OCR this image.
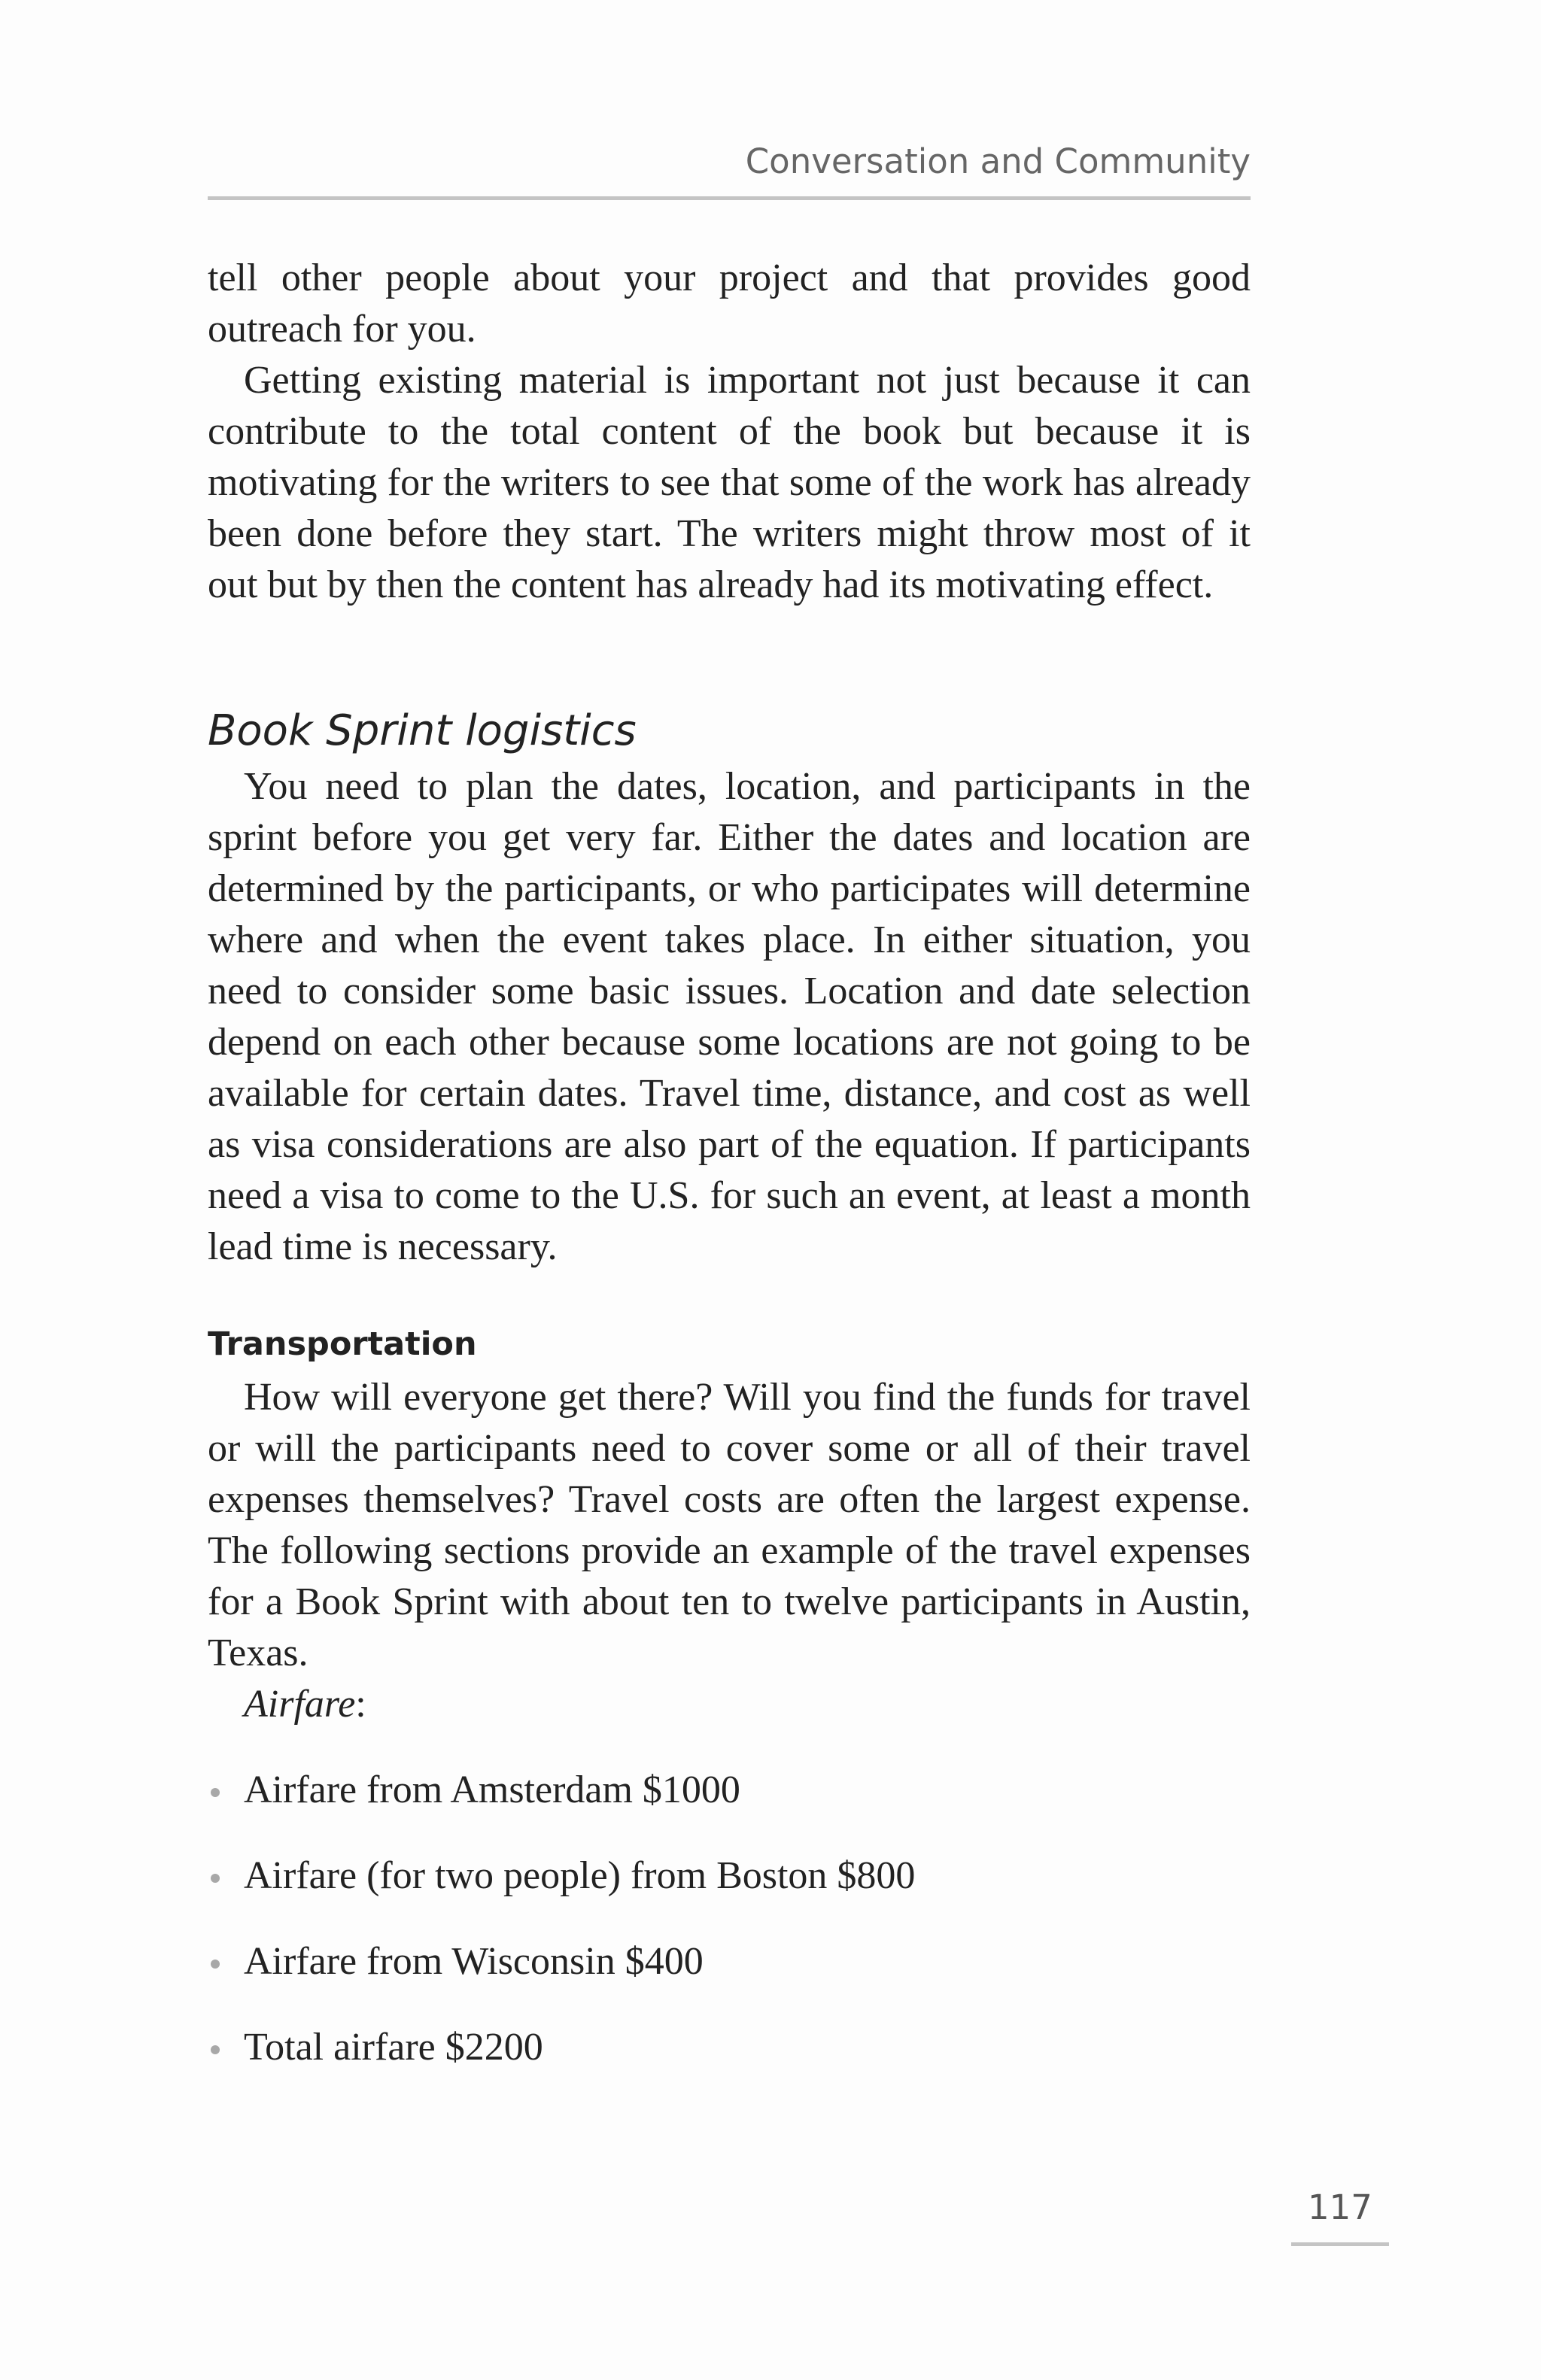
Conversation and Community

tell other people about your project and that provides good outreach for you.

Getting existing material is important not just because it can contribute to the total content of the book but because it is motivating for the writers to see that some of the work has already been done before they start. The writers might throw most of it out but by then the content has already had its motivating effect.

Book Sprint logistics

You need to plan the dates, location, and participants in the sprint before you get very far. Either the dates and location are determined by the participants, or who participates will determine where and when the event takes place. In either situation, you need to consider some basic issues. Location and date selection depend on each other because some locations are not going to be available for certain dates. Travel time, distance, and cost as well as visa considerations are also part of the equation. If participants need a visa to come to the U.S. for such an event, at least a month lead time is necessary.

Transportation

How will everyone get there? Will you find the funds for travel or will the participants need to cover some or all of their travel expenses themselves? Travel costs are often the largest expense. The following sections provide an example of the travel expenses for a Book Sprint with about ten to twelve participants in Austin, Texas.

Airfare:

Airfare from Amsterdam $1000
Airfare (for two people) from Boston $800
Airfare from Wisconsin $400
Total airfare $2200
117
